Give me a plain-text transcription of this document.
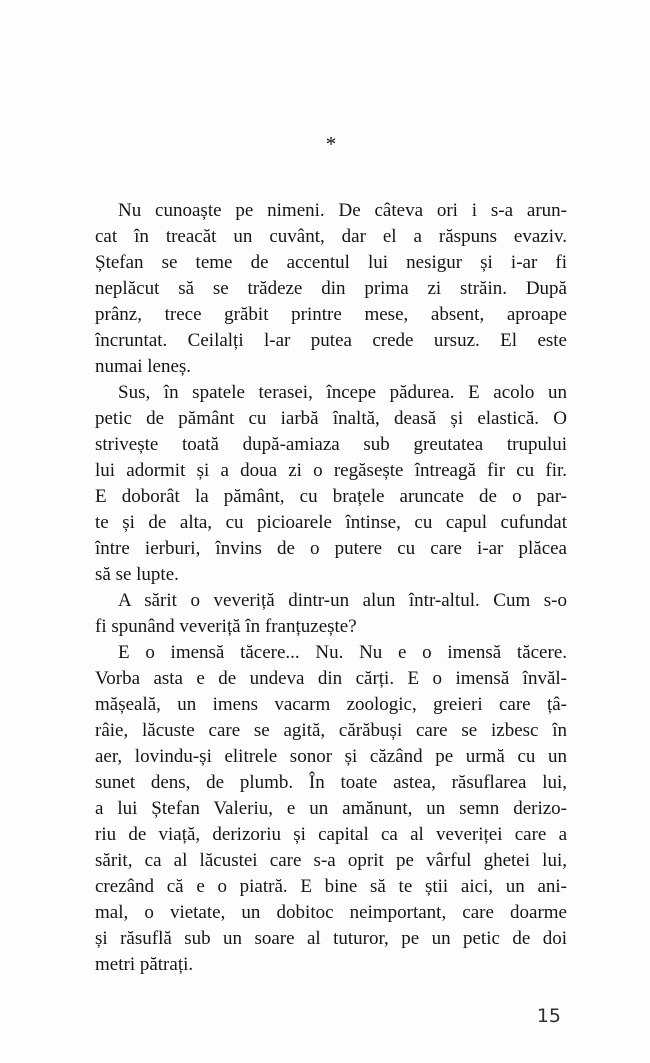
*
Nu cunoaște pe nimeni. De câteva ori i s-a arun-
cat în treacăt un cuvânt, dar el a răspuns evaziv.
Ștefan se teme de accentul lui nesigur și i-ar fi
neplăcut să se trădeze din prima zi străin. După
prânz, trece grăbit printre mese, absent, aproape
încruntat. Ceilalți l-ar putea crede ursuz. El este
numai leneș.
Sus, în spatele terasei, începe pădurea. E acolo un
petic de pământ cu iarbă înaltă, deasă și elastică. O
strivește toată după-amiaza sub greutatea trupului
lui adormit și a doua zi o regăsește întreagă fir cu fir.
E doborât la pământ, cu brațele aruncate de o par-
te și de alta, cu picioarele întinse, cu capul cufundat
între ierburi, învins de o putere cu care i-ar plăcea
să se lupte.
A sărit o veveriță dintr-un alun într-altul. Cum s-o
fi spunând veveriță în franțuzește?
E o imensă tăcere... Nu. Nu e o imensă tăcere.
Vorba asta e de undeva din cărți. E o imensă învăl-
mășeală, un imens vacarm zoologic, greieri care țâ-
râie, lăcuste care se agită, cărăbuși care se izbesc în
aer, lovindu-și elitrele sonor și căzând pe urmă cu un
sunet dens, de plumb. În toate astea, răsuflarea lui,
a lui Ștefan Valeriu, e un amănunt, un semn derizo-
riu de viață, derizoriu și capital ca al veveriței care a
sărit, ca al lăcustei care s-a oprit pe vârful ghetei lui,
crezând că e o piatră. E bine să te știi aici, un ani-
mal, o vietate, un dobitoc neimportant, care doarme
și răsuflă sub un soare al tuturor, pe un petic de doi
metri pătrați.
15
